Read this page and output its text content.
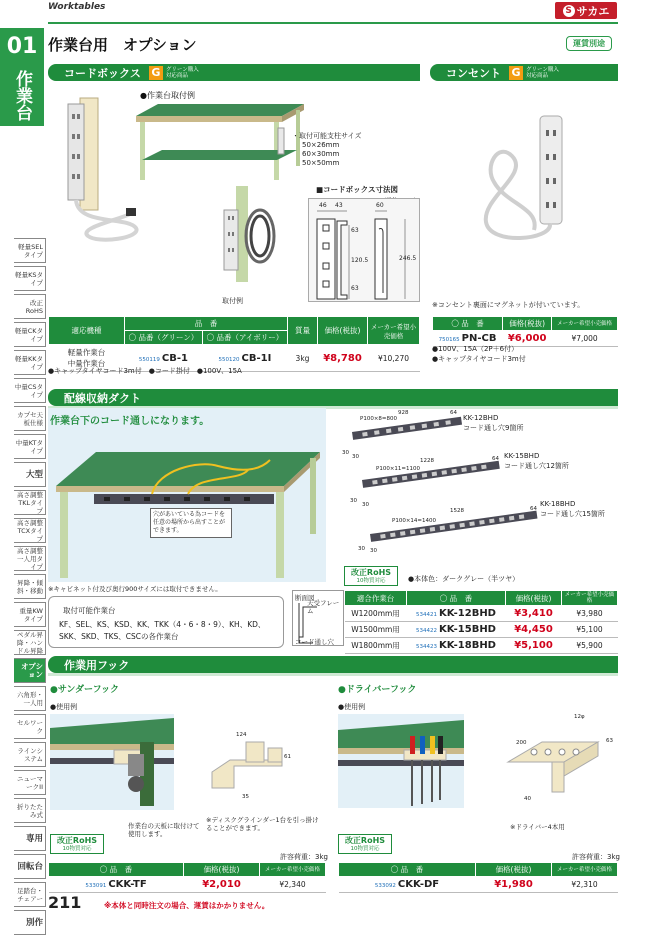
Worktables	S サカエ
作業台用　オプション	運賃別途
01
作業台
軽量SELタイプ
軽量KSタイプ
改正RoHS
軽量CKタイプ
軽量KKタイプ
中量CSタイプ
カプセ天板仕様
中量KTタイプ
大型
高さ調整TKLタイプ
高さ調整TCXタイプ
高さ調整一人用タイプ
昇降・傾斜・移動
重量KWタイプ
ペダル昇降・ハンドル昇降
オプション
六角形・一人用
セルワーク
ラインシステム
ニューマークII
折りたたみ式
専用
回転台
足踏台・チェアー
別作
コードボックス G グリーン購入対応商品
●作業台取付例
・取付可能支柱サイズ
50×26mm
60×30mm
50×50mm
取付例
■コードボックス寸法図
46 43	60
63
120.5
63
246.5
適応機種	品　番		質量	価格(税抜)	メーカー希望小売価格
	〇 品番（グリーン）	〇 品番（アイボリー）			

軽量作業台
中量作業台	550119 CB-1	550120 CB-1I	3kg	¥8,780	¥10,270
●キャップタイヤコード3m付　●コード掛付　●100V、15A
コンセント G グリーン購入対応商品
※コンセント裏面にマグネットが付いています。
〇 品　番	価格(税抜)	メーカー希望小売価格
750165 PN-CB	¥6,000	¥7,000
●100V、15A（2P＋6付）
●キャップタイヤコード3m付
配線収納ダクト
作業台下のコード通しになります。
穴があいている為コードを任意の場所から出すことができます。
※キャビネット付及び奥行900サイズには取付できません。
取付可能作業台
KF、SEL、KS、KSD、KK、TKK（4・6・8・9）、KH、KD、SKK、SKD、TKS、CSCの各作業台
断面図
天受フレーム
コード通し穴
P100×8=800
928	64
30
30
KK-12BHD
コード通し穴9箇所
P100×11=1100
1228	64
30
30
KK-15BHD
コード通し穴12箇所
P100×14=1400
1528	64
30 30
KK-18BHD
コード通し穴15箇所
改正RoHS
10物質対応	●本体色：ダークグレー（半ツヤ）
適合作業台	〇 品　番	価格(税抜)	メーカー希望小売価格
W1200mm用	534421 KK-12BHD	¥3,410	¥3,980
W1500mm用	534422 KK-15BHD	¥4,450	¥5,100
W1800mm用	534423 KK-18BHD	¥5,100	¥5,900
作業用フック
●サンダーフック
●使用例
124
61
35
作業台の天板に取付けて使用します。
※ディスクグラインダー1台を引っ掛けることができます。
改正RoHS
10物質対応
許容荷重：3kg
〇 品　番	価格(税抜)	メーカー希望小売価格
533091 CKK-TF	¥2,010	¥2,340
●ドライバーフック
●使用例
12φ
200	63
40
※ドライバー4本用
改正RoHS
10物質対応
許容荷重：3kg
〇 品　番	価格(税抜)	メーカー希望小売価格
533092 CKK-DF	¥1,980	¥2,310
211	※本体と同時注文の場合、運賃はかかりません。
